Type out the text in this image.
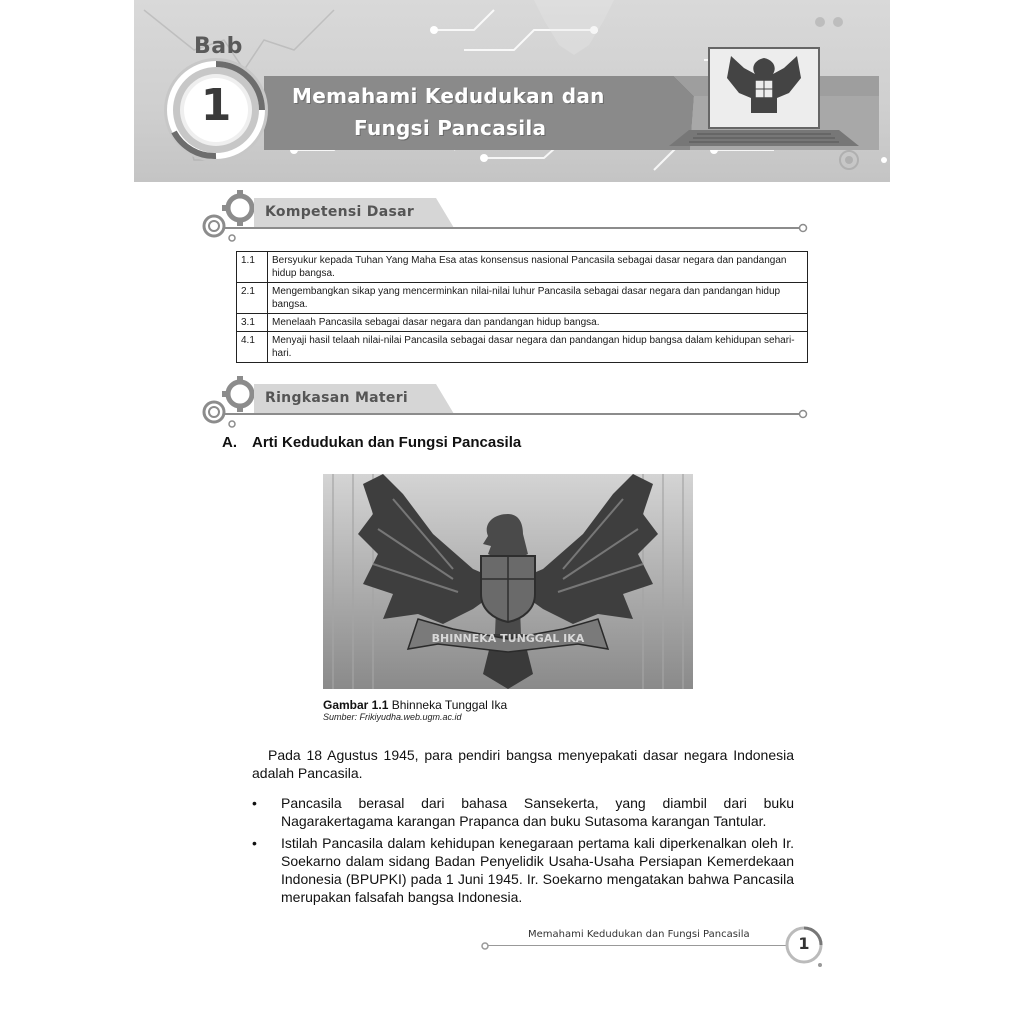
Bab
1	Memahami Kedudukan dan
Fungsi Pancasila
Kompetensi Dasar
1.1	Bersyukur kepada Tuhan Yang Maha Esa atas konsensus nasional Pancasila sebagai dasar negara dan pandangan hidup bangsa.
2.1	Mengembangkan sikap yang mencerminkan nilai-nilai luhur Pancasila sebagai dasar negara dan pandangan hidup bangsa.
3.1	Menelaah Pancasila sebagai dasar negara dan pandangan hidup bangsa.
4.1	Menyaji hasil telaah nilai-nilai Pancasila sebagai dasar negara dan pandangan hidup bangsa dalam kehidupan sehari-hari.
Ringkasan Materi
A. Arti Kedudukan dan Fungsi Pancasila
BHINNEKA TUNGGAL IKA
Gambar 1.1 Bhinneka Tunggal Ika
Sumber: Frikiyudha.web.ugm.ac.id
Pada 18 Agustus 1945, para pendiri bangsa menyepakati dasar negara Indonesia adalah Pancasila.
•	Pancasila berasal dari bahasa Sansekerta, yang diambil dari buku Nagarakertagama karangan Prapanca dan buku Sutasoma karangan Tantular.
•	Istilah Pancasila dalam kehidupan kenegaraan pertama kali diperkenalkan oleh Ir. Soekarno dalam sidang Badan Penyelidik Usaha-Usaha Persiapan Kemerdekaan Indonesia (BPUPKI) pada 1 Juni 1945. Ir. Soekarno mengatakan bahwa Pancasila merupakan falsafah bangsa Indonesia.
Memahami Kedudukan dan Fungsi Pancasila	1
